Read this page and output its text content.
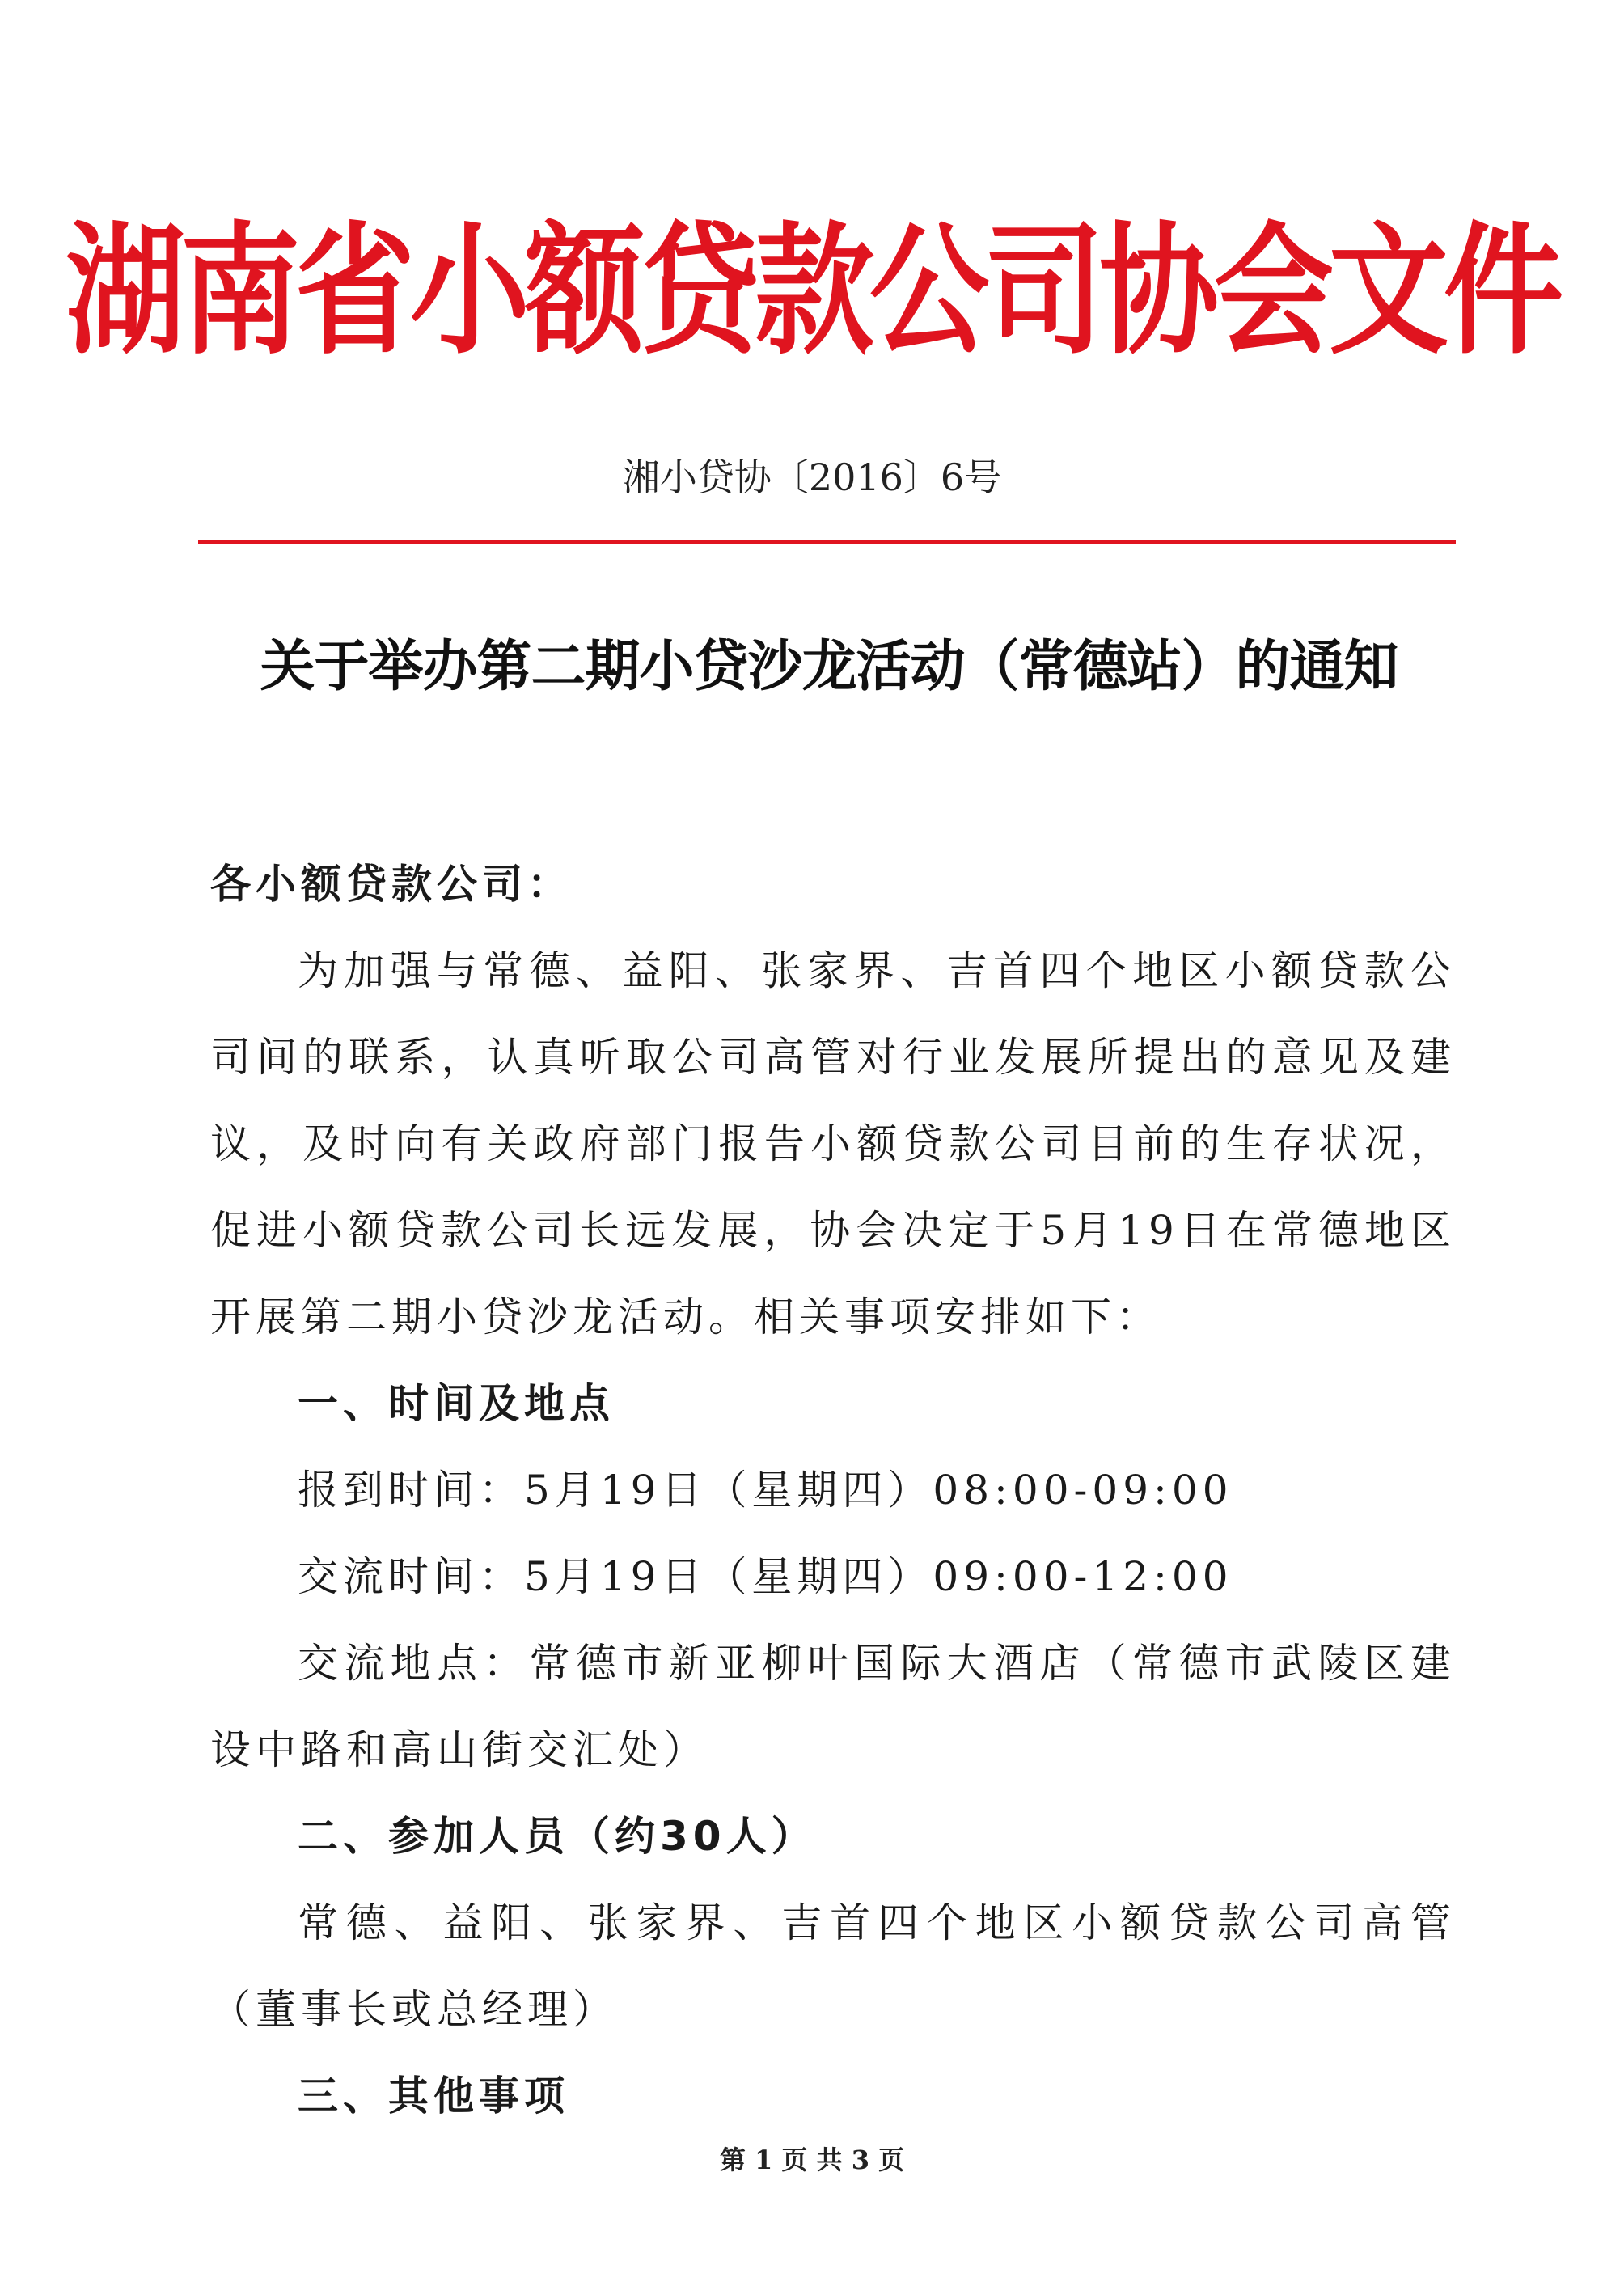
湖南省小额贷款公司协会文件
湘小贷协〔2016〕6号
关于举办第二期小贷沙龙活动（常德站）的通知

各小额贷款公司：

为加强与常德、益阳、张家界、吉首四个地区小额贷款公司间的联系，认真听取公司高管对行业发展所提出的意见及建议，及时向有关政府部门报告小额贷款公司目前的生存状况，促进小额贷款公司长远发展，协会决定于5月19日在常德地区开展第二期小贷沙龙活动。相关事项安排如下：

一、时间及地点

报到时间：5月19日（星期四）08:00-09:00

交流时间：5月19日（星期四）09:00-12:00

交流地点：常德市新亚柳叶国际大酒店（常德市武陵区建设中路和高山街交汇处）

二、参加人员（约30人）

常德、益阳、张家界、吉首四个地区小额贷款公司高管（董事长或总经理）

三、其他事项

第 1 页 共 3 页
